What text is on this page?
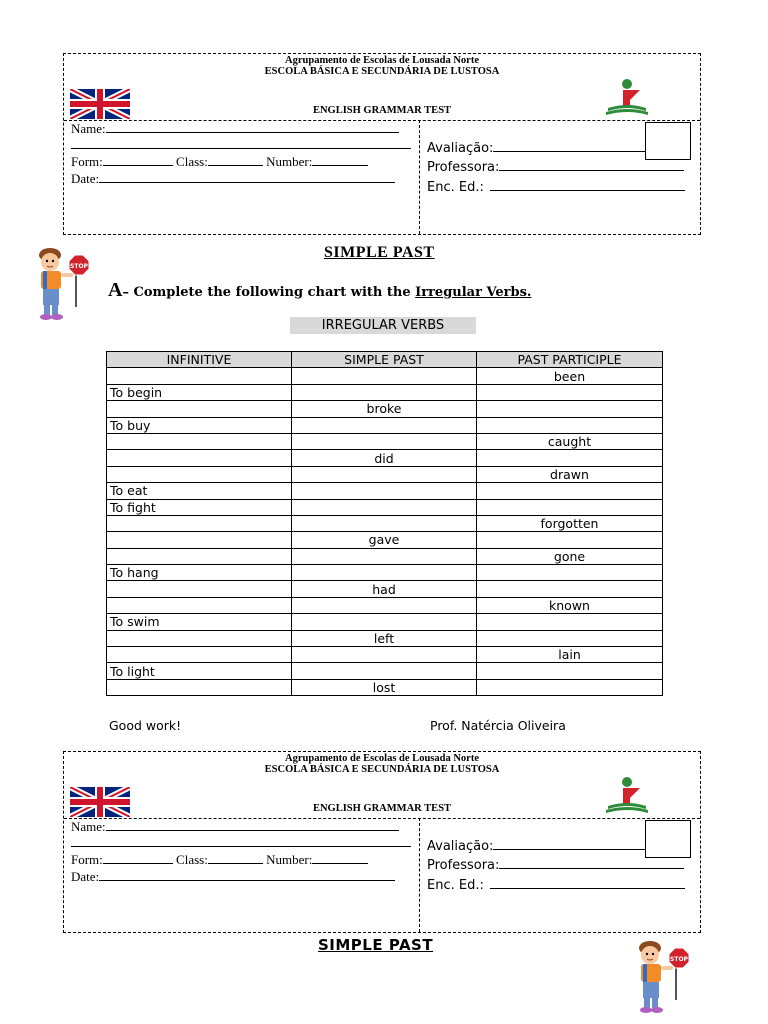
Agrupamento de Escolas de Lousada Norte
ESCOLA BÁSICA E SECUNDÁRIA DE LUSTOSA
ENGLISH GRAMMAR TEST
Name:
Form:	Class:	Number:
Date:
Avaliação:
Professora:
Enc. Ed.:
STOP
SIMPLE PAST
A– Complete the following chart with the Irregular Verbs.
IRREGULAR VERBS
INFINITIVE	SIMPLE PAST	PAST PARTICIPLE
		been
To begin		
	broke	
To buy		
		caught
	did	
		drawn
To eat		
To fight		
		forgotten
	gave	
		gone
To hang		
	had	
		known
To swim		
	left	
		lain
To light		
	lost	
Good work!	Prof. Natércia Oliveira
Agrupamento de Escolas de Lousada Norte
ESCOLA BÁSICA E SECUNDÁRIA DE LUSTOSA
ENGLISH GRAMMAR TEST
Name:
Form:	Class:	Number:
Date:
Avaliação:
Professora:
Enc. Ed.:
SIMPLE PAST
STOP
